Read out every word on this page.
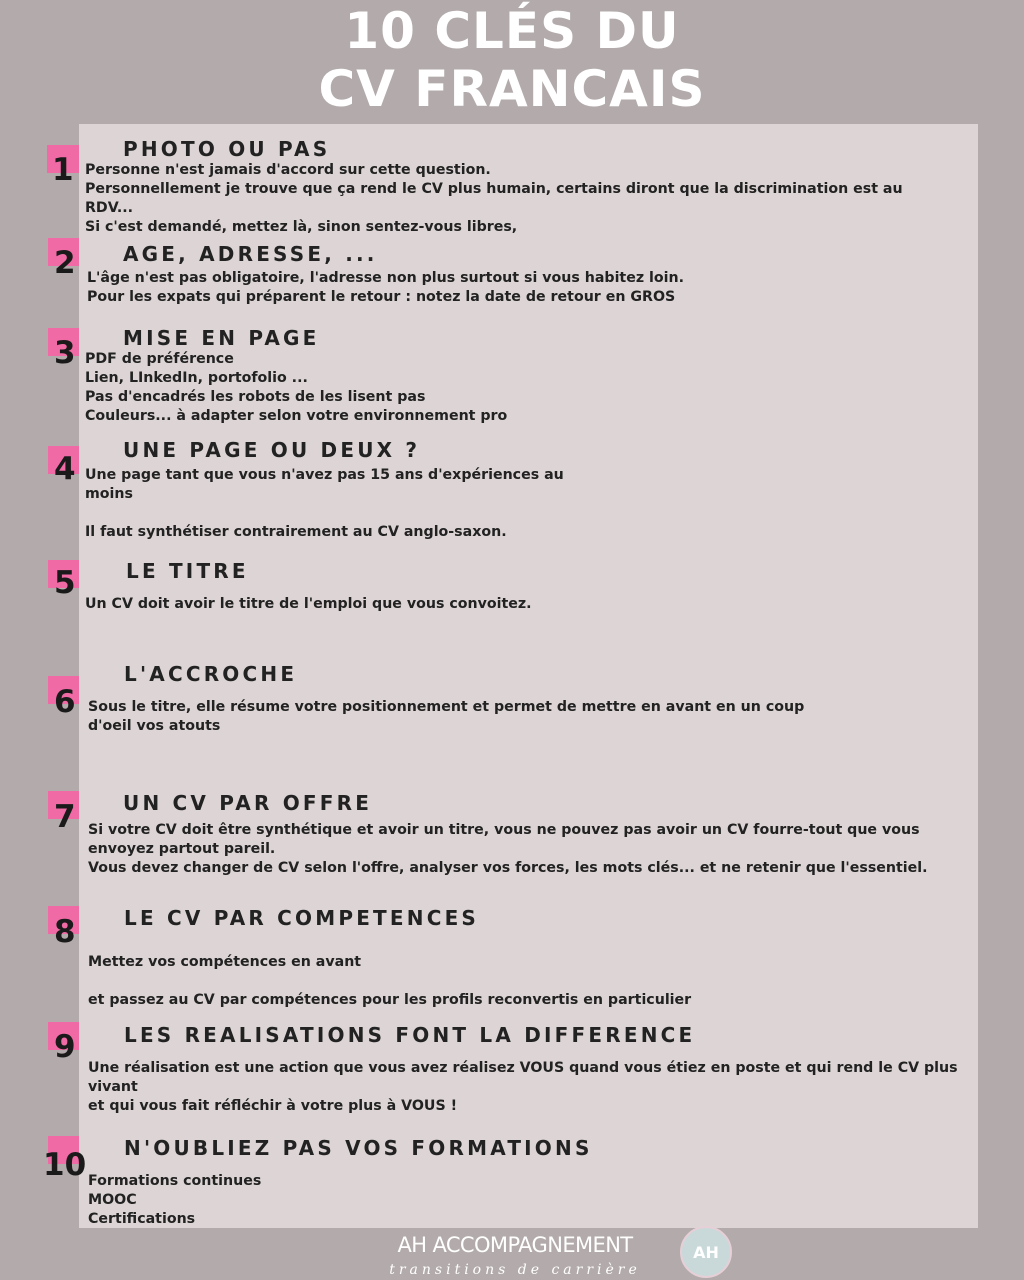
10 CLÉS DU
CV FRANCAIS
1
PHOTO OU PAS
Personne n'est jamais d'accord sur cette question.
Personnellement je trouve que ça rend le CV plus humain, certains diront que la discrimination est au
RDV...
Si c'est demandé, mettez là, sinon sentez-vous libres,
2 AGE, ADRESSE, ...
L'âge n'est pas obligatoire, l'adresse non plus surtout si vous habitez loin.
Pour les expats qui préparent le retour : notez la date de retour en GROS
3 MISE EN PAGE
PDF de préférence
Lien, LInkedIn, portofolio ...
Pas d'encadrés les robots de les lisent pas
Couleurs... à adapter selon votre environnement pro
4
UNE PAGE OU DEUX ?
Une page tant que vous n'avez pas 15 ans d'expériences au
moins
Il faut synthétiser contrairement au CV anglo-saxon.
5	LE TITRE
Un CV doit avoir le titre de l'emploi que vous convoitez.
6
L'ACCROCHE
Sous le titre, elle résume votre positionnement et permet de mettre en avant en un coup
d'oeil vos atouts
7 UN CV PAR OFFRE
Si votre CV doit être synthétique et avoir un titre, vous ne pouvez pas avoir un CV fourre-tout que vous
envoyez partout pareil.
Vous devez changer de CV selon l'offre, analyser vos forces, les mots clés... et ne retenir que l'essentiel.
8 LE CV PAR COMPETENCES
Mettez vos compétences en avant
et passez au CV par compétences pour les profils reconvertis en particulier
9 LES REALISATIONS FONT LA DIFFERENCE
Une réalisation est une action que vous avez réalisez VOUS quand vous étiez en poste et qui rend le CV plus
vivant
et qui vous fait réfléchir à votre plus à VOUS !
10 N'OUBLIEZ PAS VOS FORMATIONS
Formations continues
MOOC
Certifications
AH ACCOMPAGNEMENT
transitions de carrière
AH
